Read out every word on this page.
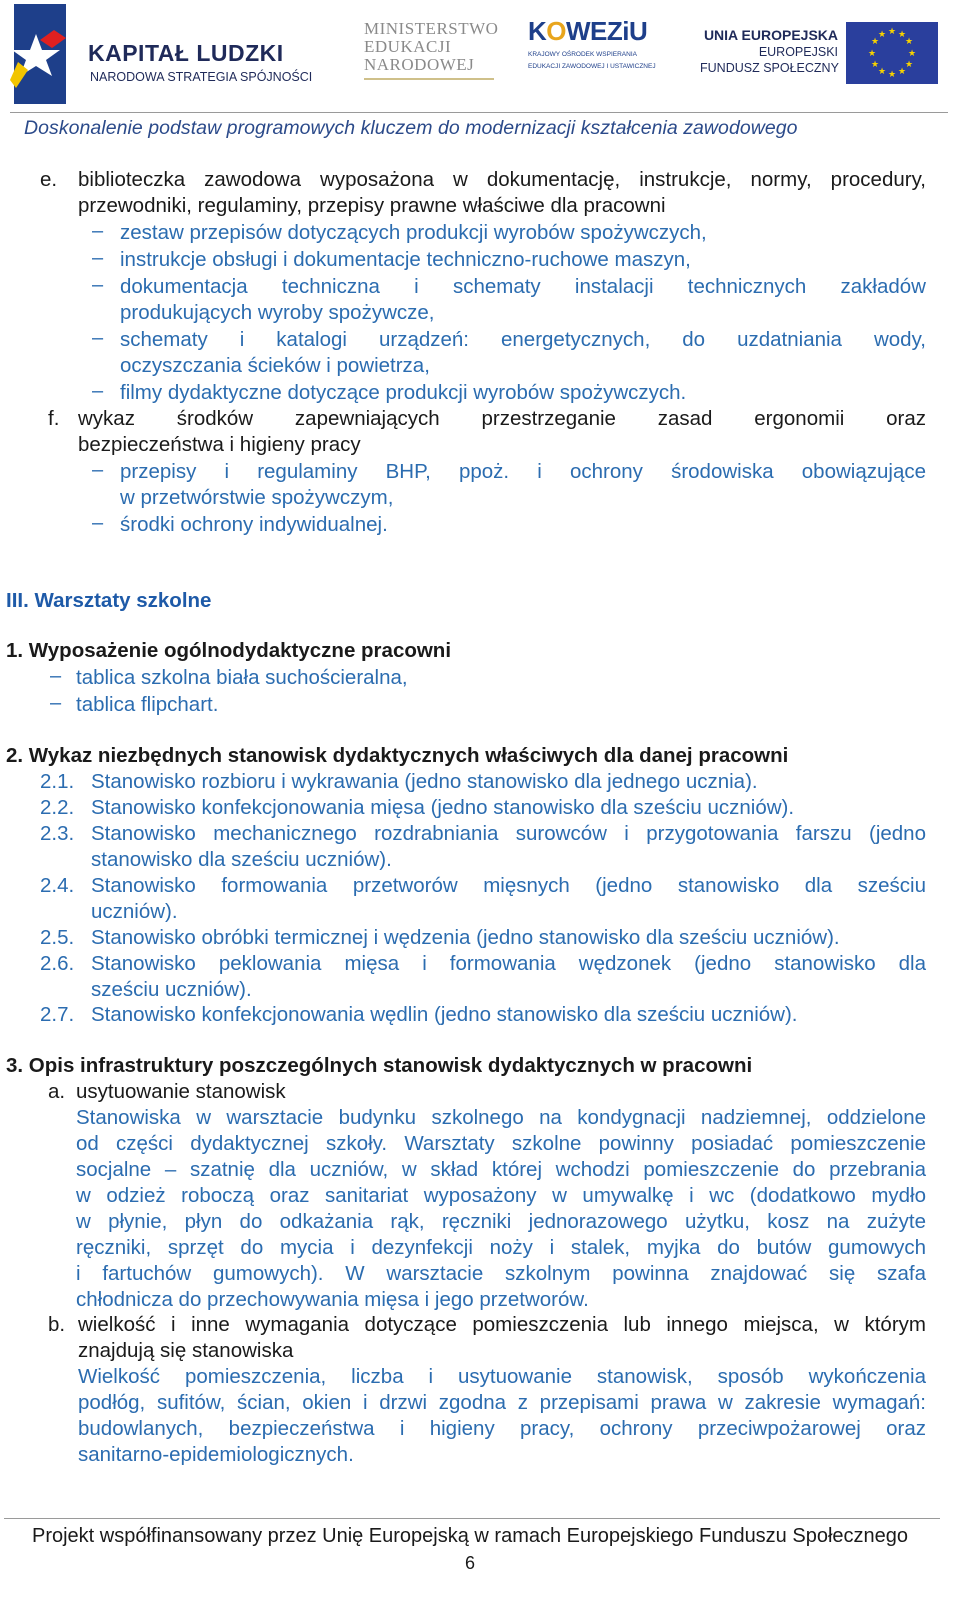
KAPITAŁ LUDZKI
NARODOWA STRATEGIA SPÓJNOŚCI
MINISTERSTWO
EDUKACJI
NARODOWEJ
KOWEZiU
KRAJOWY OŚRODEK WSPIERANIA
EDUKACJI ZAWODOWEJ I USTAWICZNEJ
UNIA EUROPEJSKA
EUROPEJSKI
FUNDUSZ SPOŁECZNY
★ ★
★
★
★
★
★
★
★
★
★
★
Doskonalenie podstaw programowych kluczem do modernizacji kształcenia zawodowego
e. biblioteczka zawodowa wyposażona w dokumentację, instrukcje, normy, procedury,
przewodniki, regulaminy, przepisy prawne właściwe dla pracowni
– zestaw przepisów dotyczących produkcji wyrobów spożywczych,
– instrukcje obsługi i dokumentacje techniczno-ruchowe maszyn,
– dokumentacja techniczna i schematy instalacji technicznych zakładów
produkujących wyroby spożywcze,
– schematy i katalogi urządzeń: energetycznych, do uzdatniania wody,
oczyszczania ścieków i powietrza,
– filmy dydaktyczne dotyczące produkcji wyrobów spożywczych.
f. wykaz środków zapewniających przestrzeganie zasad ergonomii oraz
bezpieczeństwa i higieny pracy
– przepisy i regulaminy BHP, ppoż. i ochrony środowiska obowiązujące
w przetwórstwie spożywczym,
– środki ochrony indywidualnej.
III. Warsztaty szkolne
1. Wyposażenie ogólnodydaktyczne pracowni
– tablica szkolna biała suchościeralna,
– tablica flipchart.
2. Wykaz niezbędnych stanowisk dydaktycznych właściwych dla danej pracowni
2.1. Stanowisko rozbioru i wykrawania (jedno stanowisko dla jednego ucznia).
2.2. Stanowisko konfekcjonowania mięsa (jedno stanowisko dla sześciu uczniów).
2.3. Stanowisko mechanicznego rozdrabniania surowców i przygotowania farszu (jedno
stanowisko dla sześciu uczniów).
2.4. Stanowisko formowania przetworów mięsnych (jedno stanowisko dla sześciu
uczniów).
2.5. Stanowisko obróbki termicznej i wędzenia (jedno stanowisko dla sześciu uczniów).
2.6. Stanowisko peklowania mięsa i formowania wędzonek (jedno stanowisko dla
sześciu uczniów).
2.7. Stanowisko konfekcjonowania wędlin (jedno stanowisko dla sześciu uczniów).
3. Opis infrastruktury poszczególnych stanowisk dydaktycznych w pracowni
a. usytuowanie stanowisk
Stanowiska w warsztacie budynku szkolnego na kondygnacji nadziemnej, oddzielone
od części dydaktycznej szkoły. Warsztaty szkolne powinny posiadać pomieszczenie
socjalne – szatnię dla uczniów, w skład której wchodzi pomieszczenie do przebrania
w odzież roboczą oraz sanitariat wyposażony w umywalkę i wc (dodatkowo mydło
w płynie, płyn do odkażania rąk, ręczniki jednorazowego użytku, kosz na zużyte
ręczniki, sprzęt do mycia i dezynfekcji noży i stalek, myjka do butów gumowych
i fartuchów gumowych). W warsztacie szkolnym powinna znajdować się szafa
chłodnicza do przechowywania mięsa i jego przetworów.
b. wielkość i inne wymagania dotyczące pomieszczenia lub innego miejsca, w którym
znajdują się stanowiska
Wielkość pomieszczenia, liczba i usytuowanie stanowisk, sposób wykończenia
podłóg, sufitów, ścian, okien i drzwi zgodna z przepisami prawa w zakresie wymagań:
budowlanych, bezpieczeństwa i higieny pracy, ochrony przeciwpożarowej oraz
sanitarno-epidemiologicznych.
Projekt współfinansowany przez Unię Europejską w ramach Europejskiego Funduszu Społecznego
6
